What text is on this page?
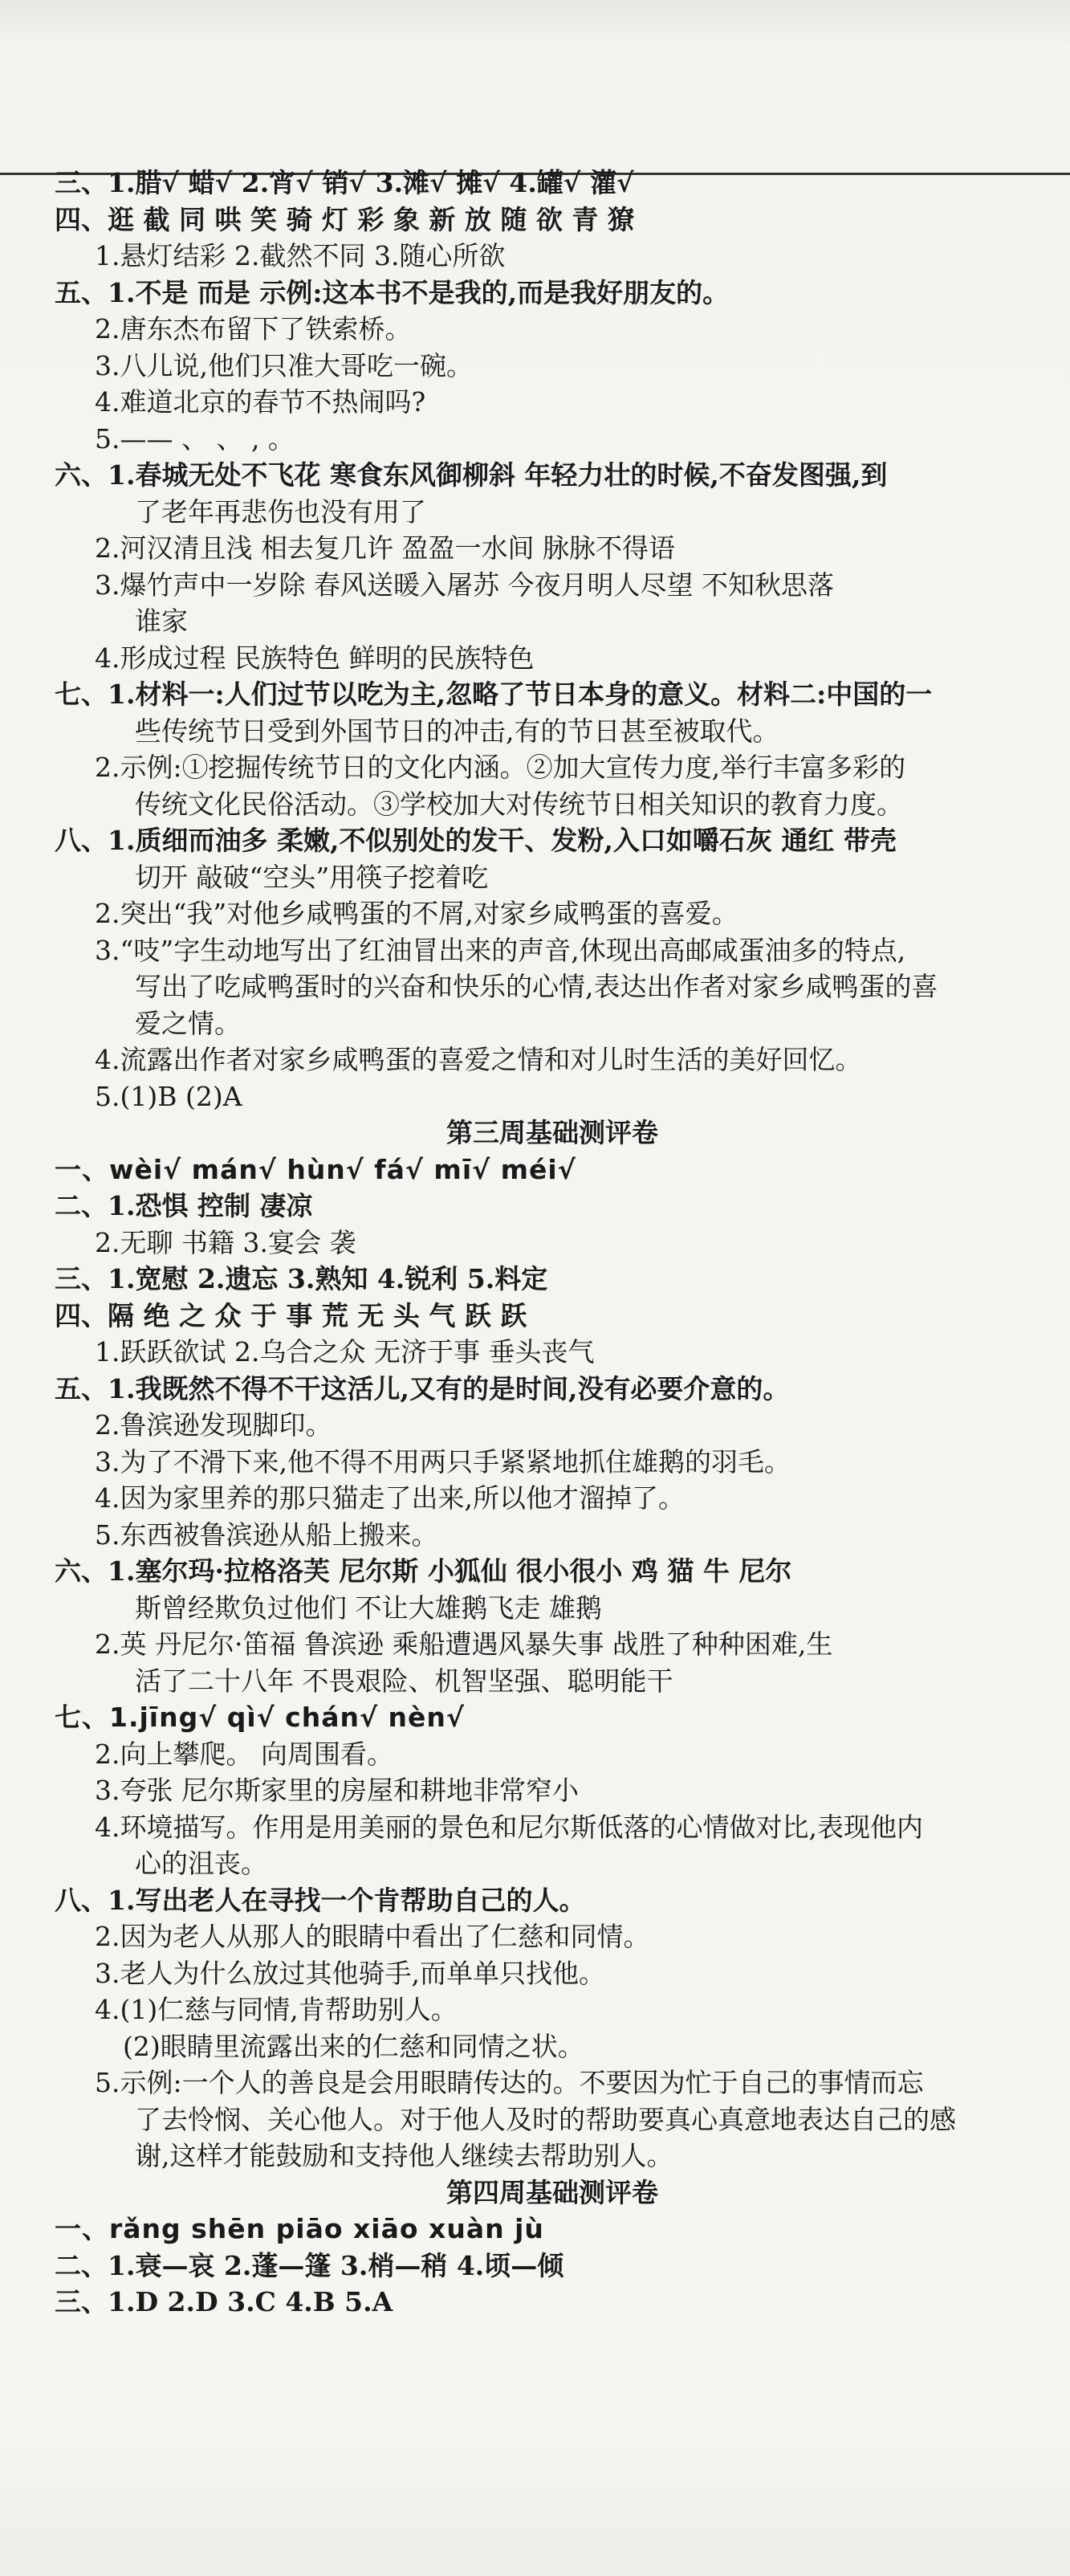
三、1.腊√ 蜡√ 2.宵√ 销√ 3.滩√ 摊√ 4.罐√ 灌√
四、逛 截 同 哄 笑 骑 灯 彩 象 新 放 随 欲 青 獠
1.悬灯结彩 2.截然不同 3.随心所欲
五、1.不是 而是 示例:这本书不是我的,而是我好朋友的。
2.唐东杰布留下了铁索桥。
3.八儿说,他们只准大哥吃一碗。
4.难道北京的春节不热闹吗?
5.—— 、 、 , 。
六、1.春城无处不飞花 寒食东风御柳斜 年轻力壮的时候,不奋发图强,到
了老年再悲伤也没有用了
2.河汉清且浅 相去复几许 盈盈一水间 脉脉不得语
3.爆竹声中一岁除 春风送暖入屠苏 今夜月明人尽望 不知秋思落
谁家
4.形成过程 民族特色 鲜明的民族特色
七、1.材料一:人们过节以吃为主,忽略了节日本身的意义。材料二:中国的一
些传统节日受到外国节日的冲击,有的节日甚至被取代。
2.示例:①挖掘传统节日的文化内涵。②加大宣传力度,举行丰富多彩的
传统文化民俗活动。③学校加大对传统节日相关知识的教育力度。
八、1.质细而油多 柔嫩,不似别处的发干、发粉,入口如嚼石灰 通红 带壳
切开 敲破“空头”用筷子挖着吃
2.突出“我”对他乡咸鸭蛋的不屑,对家乡咸鸭蛋的喜爱。
3.“吱”字生动地写出了红油冒出来的声音,休现出高邮咸蛋油多的特点,
写出了吃咸鸭蛋时的兴奋和快乐的心情,表达出作者对家乡咸鸭蛋的喜
爱之情。
4.流露出作者对家乡咸鸭蛋的喜爱之情和对儿时生活的美好回忆。
5.(1)B (2)A
第三周基础测评卷
一、wèi√ mán√ hùn√ fá√ mī√ méi√
二、1.恐惧 控制 凄凉
2.无聊 书籍 3.宴会 袭
三、1.宽慰 2.遗忘 3.熟知 4.锐利 5.料定
四、隔 绝 之 众 于 事 荒 无 头 气 跃 跃
1.跃跃欲试 2.乌合之众 无济于事 垂头丧气
五、1.我既然不得不干这活儿,又有的是时间,没有必要介意的。
2.鲁滨逊发现脚印。
3.为了不滑下来,他不得不用两只手紧紧地抓住雄鹅的羽毛。
4.因为家里养的那只猫走了出来,所以他才溜掉了。
5.东西被鲁滨逊从船上搬来。
六、1.塞尔玛·拉格洛芙 尼尔斯 小狐仙 很小很小 鸡 猫 牛 尼尔
斯曾经欺负过他们 不让大雄鹅飞走 雄鹅
2.英 丹尼尔·笛福 鲁滨逊 乘船遭遇风暴失事 战胜了种种困难,生
活了二十八年 不畏艰险、机智坚强、聪明能干
七、1.jīng√ qì√ chán√ nèn√
2.向上攀爬。 向周围看。
3.夸张 尼尔斯家里的房屋和耕地非常窄小
4.环境描写。作用是用美丽的景色和尼尔斯低落的心情做对比,表现他内
心的沮丧。
八、1.写出老人在寻找一个肯帮助自己的人。
2.因为老人从那人的眼睛中看出了仁慈和同情。
3.老人为什么放过其他骑手,而单单只找他。
4.(1)仁慈与同情,肯帮助别人。
(2)眼睛里流露出来的仁慈和同情之状。
5.示例:一个人的善良是会用眼睛传达的。不要因为忙于自己的事情而忘
了去怜悯、关心他人。对于他人及时的帮助要真心真意地表达自己的感
谢,这样才能鼓励和支持他人继续去帮助别人。
第四周基础测评卷
一、rǎng shēn piāo xiāo xuàn jù
二、1.衰—哀 2.蓬—篷 3.梢—稍 4.顷—倾
三、1.D 2.D 3.C 4.B 5.A
